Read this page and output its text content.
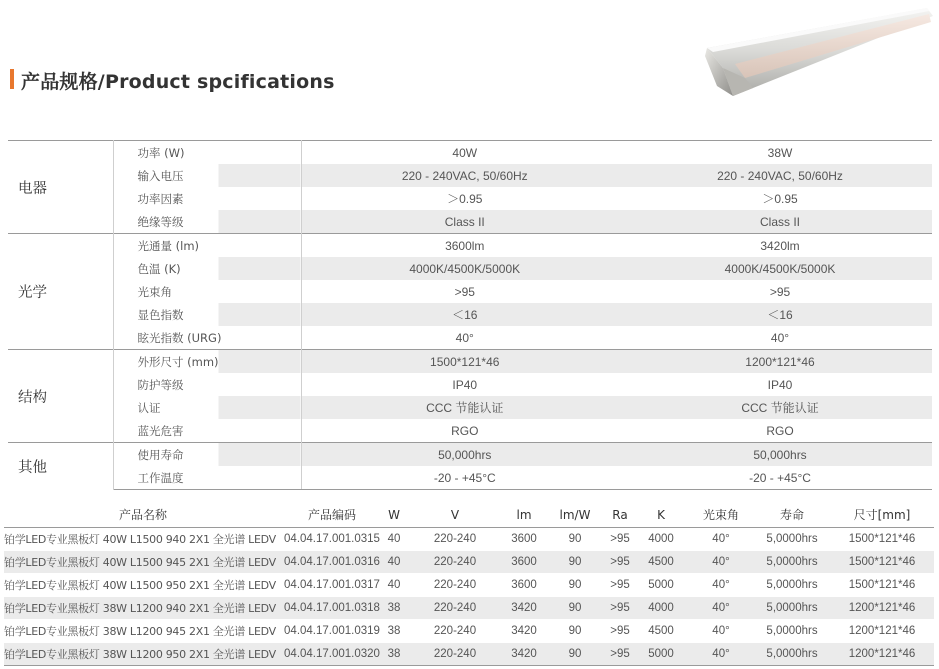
产品规格/Product spcifications
电器	功率 (W)	40W	38W
	输入电压	220 - 240VAC, 50/60Hz	220 - 240VAC, 50/60Hz
	功率因素	＞0.95	＞0.95
	绝缘等级	Class II	Class II
光学	光通量 (lm)	3600lm	3420lm
	色温 (K)	4000K/4500K/5000K	4000K/4500K/5000K
	光束角	>95	>95
	显色指数	＜16	＜16
	眩光指数 (URG)	40°	40°
结构	外形尺寸 (mm)	1500*121*46	1200*121*46
	防护等级	IP40	IP40
	认证	CCC 节能认证	CCC 节能认证
	蓝光危害	RGO	RGO
其他	使用寿命	50,000hrs	50,000hrs
	工作温度	-20 - +45°C	-20 - +45°C
产品名称	产品编码	W	V	lm	lm/W	Ra	K	光束角	寿命	尺寸[mm]
铂学LED专业黑板灯 40W L1500 940 2X1 全光谱 LEDV	04.04.17.001.0315	40	220-240	3600	90	>95	4000	40°	5,0000hrs	1500*121*46
铂学LED专业黑板灯 40W L1500 945 2X1 全光谱 LEDV	04.04.17.001.0316	40	220-240	3600	90	>95	4500	40°	5,0000hrs	1500*121*46
铂学LED专业黑板灯 40W L1500 950 2X1 全光谱 LEDV	04.04.17.001.0317	40	220-240	3600	90	>95	5000	40°	5,0000hrs	1500*121*46
铂学LED专业黑板灯 38W L1200 940 2X1 全光谱 LEDV	04.04.17.001.0318	38	220-240	3420	90	>95	4000	40°	5,0000hrs	1200*121*46
铂学LED专业黑板灯 38W L1200 945 2X1 全光谱 LEDV	04.04.17.001.0319	38	220-240	3420	90	>95	4500	40°	5,0000hrs	1200*121*46
铂学LED专业黑板灯 38W L1200 950 2X1 全光谱 LEDV	04.04.17.001.0320	38	220-240	3420	90	>95	5000	40°	5,0000hrs	1200*121*46
